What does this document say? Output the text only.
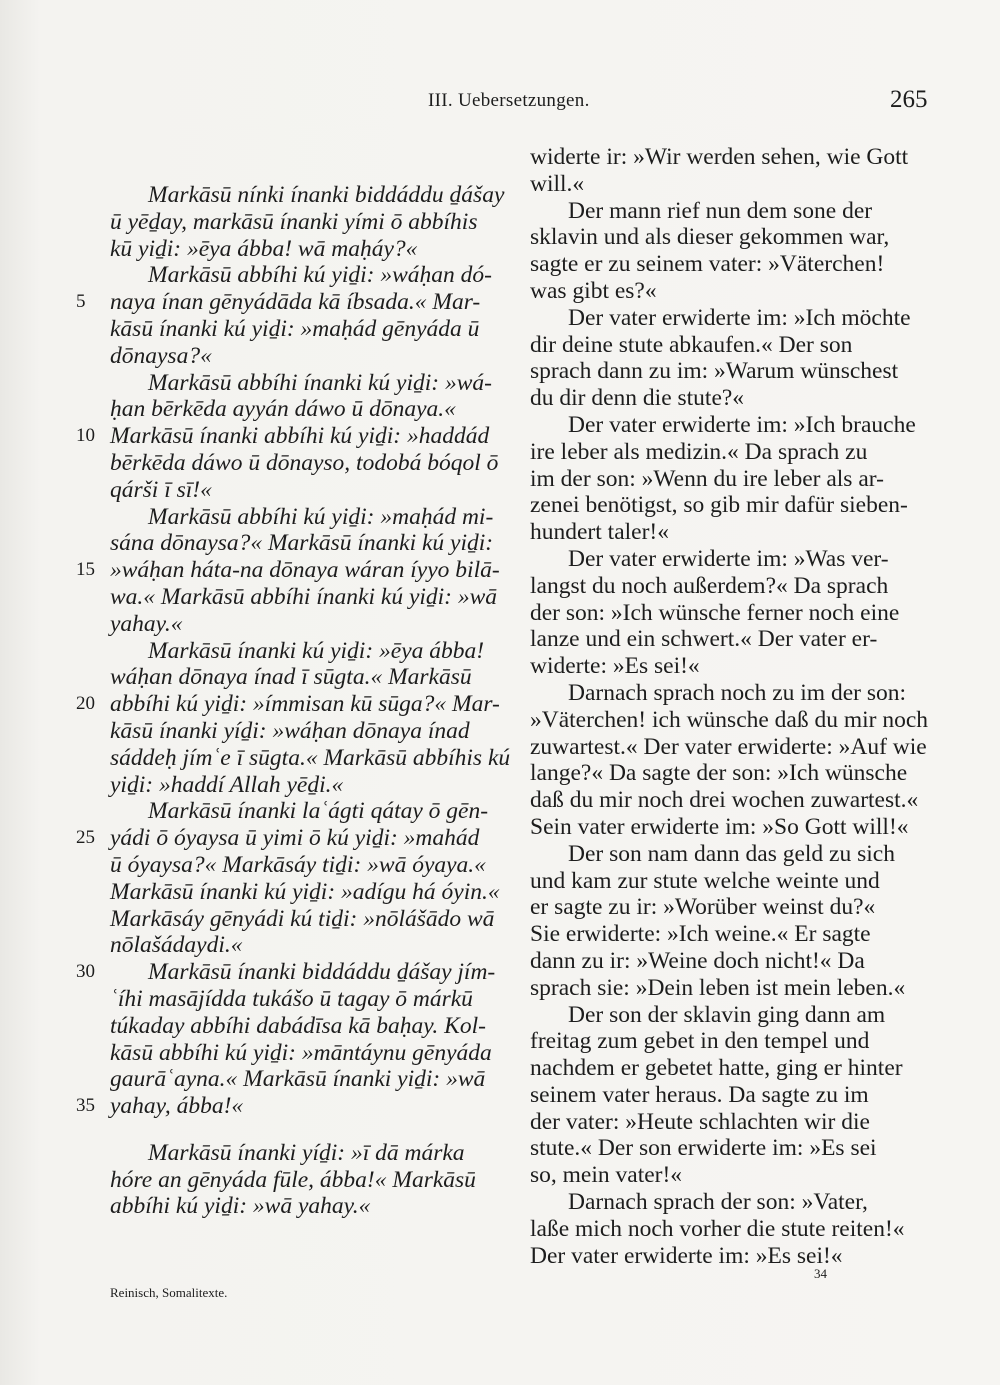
III. Uebersetzungen.	265
Markāsū nínki ínanki biddáddu ḏášay
ū yēḏay, markāsū ínanki yími ō abbíhis
kū yiḏi: »ēya ábba! wā maḥáy?«
Markāsū abbíhi kú yiḏi: »wáḥan dó-
5 naya ínan gēnyádāda kā íbsada.« Mar-
kāsū ínanki kú yiḏi: »maḥád gēnyáda ū
dōnaysa?«
Markāsū abbíhi ínanki kú yiḏi: »wá-
ḥan bērkēda ayyán dáwo ū dōnaya.«
10 Markāsū ínanki abbíhi kú yiḏi: »haddád
bērkēda dáwo ū dōnayso, todobá bóqol ō
qárši ī sī!«
Markāsū abbíhi kú yiḏi: »maḥád mi-
sána dōnaysa?« Markāsū ínanki kú yiḏi:
15 »wáḥan háta-na dōnaya wáran íyyo bilā-
wa.« Markāsū abbíhi ínanki kú yiḏi: »wā
yahay.«
Markāsū ínanki kú yiḏi: »ēya ábba!
wáḥan dōnaya ínad ī sūgta.« Markāsū
20 abbíhi kú yiḏi: »ímmisan kū sūga?« Mar-
kāsū ínanki yíḏi: »wáḥan dōnaya ínad
sáddeḥ jímʿe ī sūgta.« Markāsū abbíhis kú
yiḏi: »haddí Allah yēḏi.«
Markāsū ínanki laʿágti qátay ō gēn-
25 yádi ō óyaysa ū yimi ō kú yiḏi: »mahád
ū óyaysa?« Markāsáy tiḏi: »wā óyaya.«
Markāsū ínanki kú yiḏi: »adígu há óyin.«
Markāsáy gēnyádi kú tiḏi: »nōlášādo wā
nōlašádaydi.«
30 Markāsū ínanki biddáddu ḏášay jím-
ʿíhi masājídda tukášo ū tagay ō márkū
túkaday abbíhi dabádīsa kā baḥay. Kol-
kāsū abbíhi kú yiḏi: »māntáynu gēnyáda
gaurāʿayna.« Markāsū ínanki yiḏi: »wā
35 yahay, ábba!«
Markāsū ínanki yíḏi: »ī dā márka
hóre an gēnyáda fūle, ábba!« Markāsū
abbíhi kú yiḏi: »wā yahay.«
widerte ir: »Wir werden sehen, wie Gott
will.«
Der mann rief nun dem sone der
sklavin und als dieser gekommen war,
sagte er zu seinem vater: »Väterchen!
was gibt es?«
Der vater erwiderte im: »Ich möchte
dir deine stute abkaufen.« Der son
sprach dann zu im: »Warum wünschest
du dir denn die stute?«
Der vater erwiderte im: »Ich brauche
ire leber als medizin.« Da sprach zu
im der son: »Wenn du ire leber als ar-
zenei benötigst, so gib mir dafür sieben-
hundert taler!«
Der vater erwiderte im: »Was ver-
langst du noch außerdem?« Da sprach
der son: »Ich wünsche ferner noch eine
lanze und ein schwert.« Der vater er-
widerte: »Es sei!«
Darnach sprach noch zu im der son:
»Väterchen! ich wünsche daß du mir noch
zuwartest.« Der vater erwiderte: »Auf wie
lange?« Da sagte der son: »Ich wünsche
daß du mir noch drei wochen zuwartest.«
Sein vater erwiderte im: »So Gott will!«
Der son nam dann das geld zu sich
und kam zur stute welche weinte und
er sagte zu ir: »Worüber weinst du?«
Sie erwiderte: »Ich weine.« Er sagte
dann zu ir: »Weine doch nicht!« Da
sprach sie: »Dein leben ist mein leben.«
Der son der sklavin ging dann am
freitag zum gebet in den tempel und
nachdem er gebetet hatte, ging er hinter
seinem vater heraus. Da sagte zu im
der vater: »Heute schlachten wir die
stute.« Der son erwiderte im: »Es sei
so, mein vater!«
Darnach sprach der son: »Vater,
laße mich noch vorher die stute reiten!«
Der vater erwiderte im: »Es sei!«
Reinisch, Somalitexte.
34
